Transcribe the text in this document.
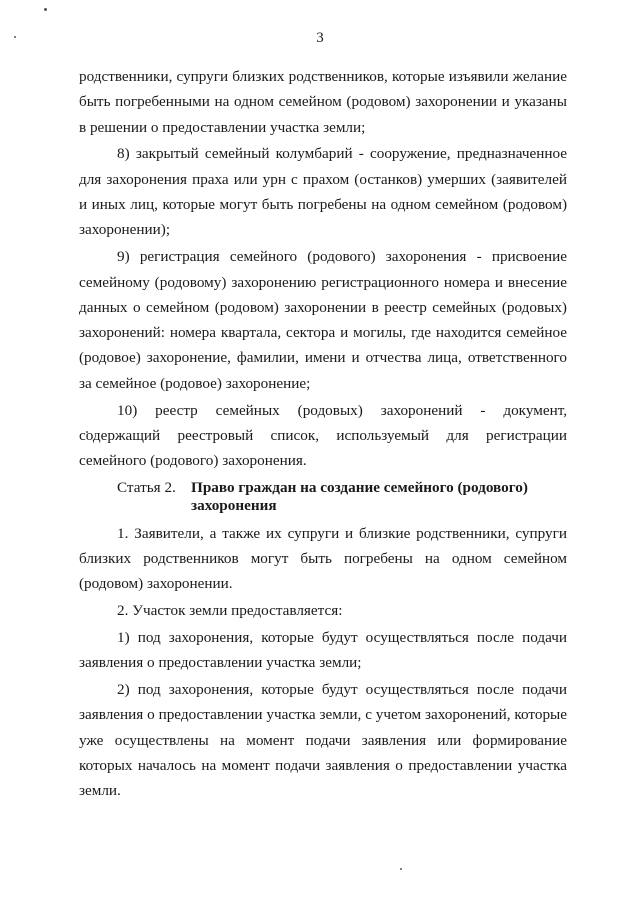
3

родственники, супруги близких родственников, которые изъявили желание быть погребенными на одном семейном (родовом) захоронении и указаны в решении о предоставлении участка земли;

8) закрытый семейный колумбарий - сооружение, предназначенное для захоронения праха или урн с прахом (останков) умерших (заявителей и иных лиц, которые могут быть погребены на одном семейном (родовом) захоронении);

9) регистрация семейного (родового) захоронения - присвоение семейному (родовому) захоронению регистрационного номера и внесение данных о семейном (родовом) захоронении в реестр семейных (родовых) захоронений: номера квартала, сектора и могилы, где находится семейное (родовое) захоронение, фамилии, имени и отчества лица, ответственного за семейное (родовое) захоронение;

10) реестр семейных (родовых) захоронений - документ, содержащий реестровый список, используемый для регистрации семейного (родового) захоронения.

Статья 2. Право граждан на создание семейного (родового) захоронения

1. Заявители, а также их супруги и близкие родственники, супруги близких родственников могут быть погребены на одном семейном (родовом) захоронении.

2. Участок земли предоставляется:

1) под захоронения, которые будут осуществляться после подачи заявления о предоставлении участка земли;

2) под захоронения, которые будут осуществляться после подачи заявления о предоставлении участка земли, с учетом захоронений, которые уже осуществлены на момент подачи заявления или формирование которых началось на момент подачи заявления о предоставлении участка земли.
